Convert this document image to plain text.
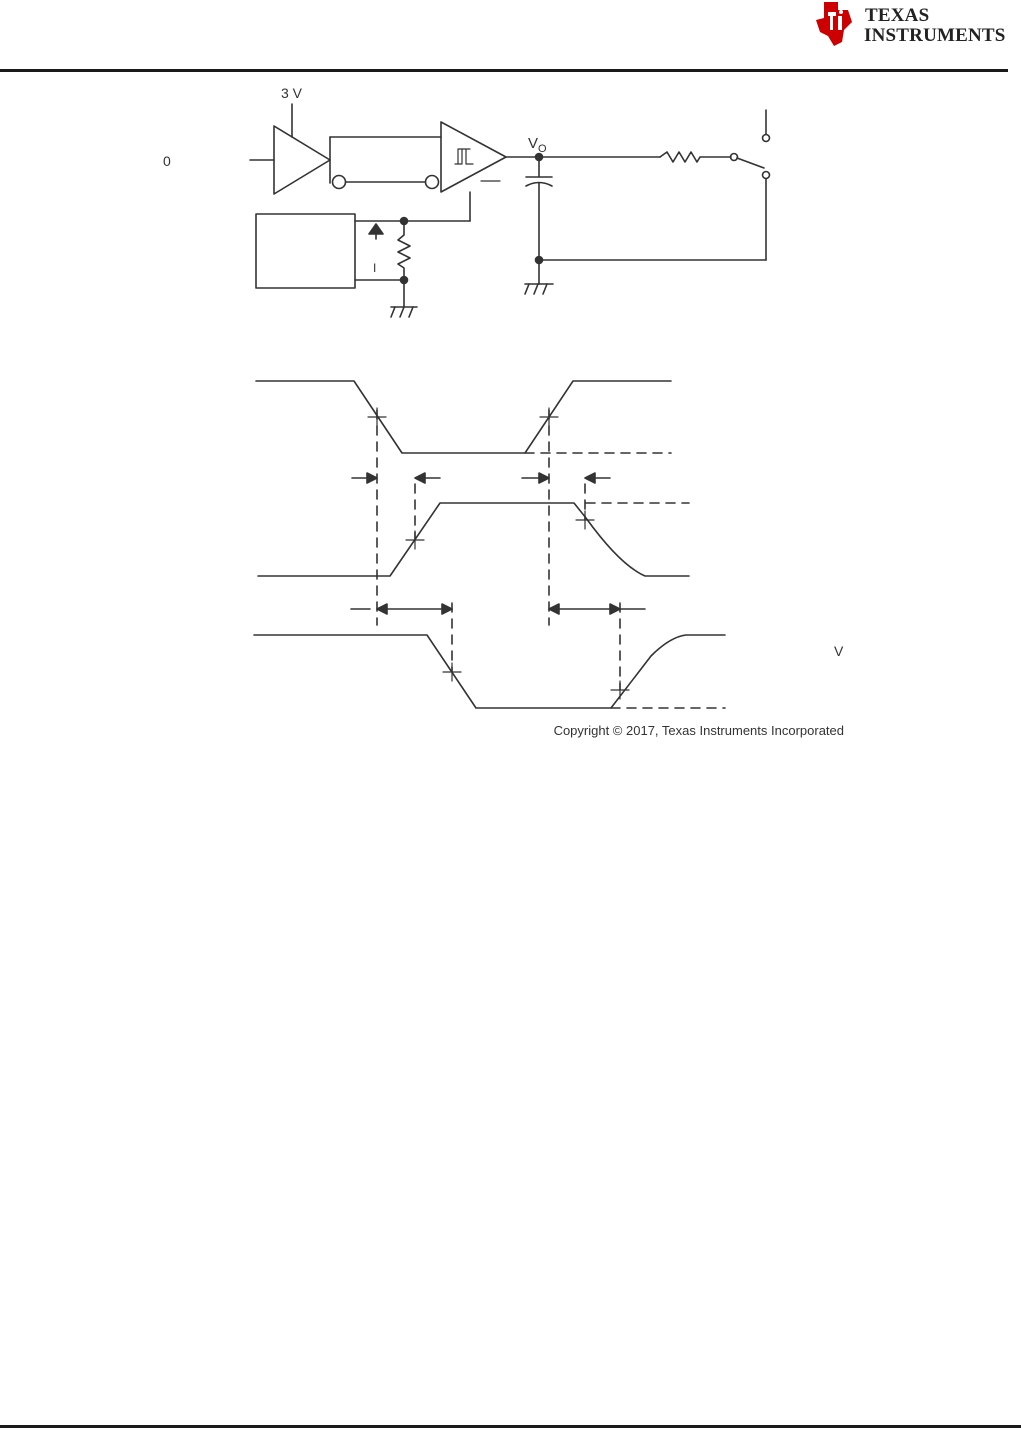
TEXAS
INSTRUMENTS
3 V
0
$V_O$
I
V
Copyright © 2017, Texas Instruments Incorporated
